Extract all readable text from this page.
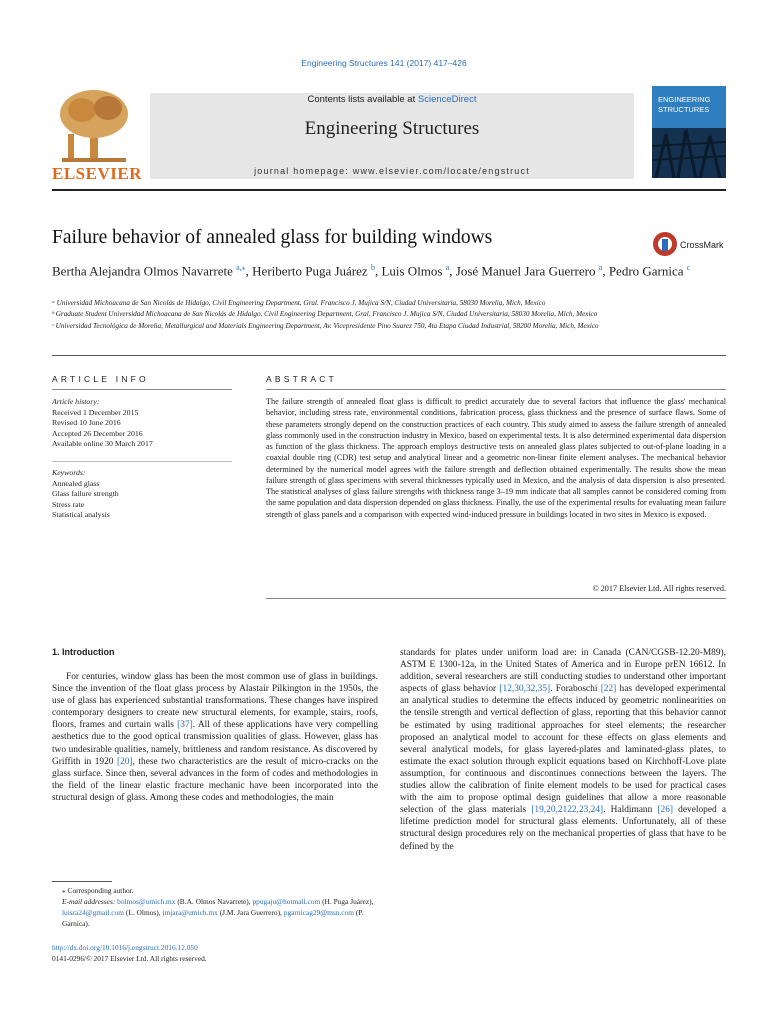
Engineering Structures 141 (2017) 417–426
ELSEVIER
Contents lists available at ScienceDirect
Engineering Structures
journal homepage: www.elsevier.com/locate/engstruct
ENGINEERING
STRUCTURES
Failure behavior of annealed glass for building windows	CrossMark
Bertha Alejandra Olmos Navarrete $^{a,⁎}$, Heriberto Puga Juárez $^b$, Luis Olmos $^a$, José Manuel Jara Guerrero $^a$, Pedro Garnica $^c$
ᵃ Universidad Michoacana de San Nicolás de Hidalgo, Civil Engineering Department, Gral. Francisco J. Mujica S/N, Ciudad Universitaria, 58030 Morelia, Mich, Mexico
ᵇ Graduate Student Universidad Michoacana de San Nicolás de Hidalgo, Civil Engineering Department, Gral. Francisco J. Mujica S/N, Ciudad Universitaria, 58030 Morelia, Mich, Mexico
ᶜ Universidad Tecnológica de Morelia, Metallurgical and Materials Engineering Department, Av. Vicepresidente Pino Suarez 750, 4ta Etapa Ciudad Industrial, 58200 Morelia, Mich, Mexico
ARTICLE INFO
Article history:
Received 1 December 2015
Revised 10 June 2016
Accepted 26 December 2016
Available online 30 March 2017
Keywords:
Annealed glass
Glass failure strength
Stress rate
Statistical analysis
ABSTRACT
The failure strength of annealed float glass is difficult to predict accurately due to several factors that influence the glass' mechanical behavior, including stress rate, environmental conditions, fabrication process, glass thickness and the presence of surface flaws. Some of these parameters strongly depend on the construction practices of each country. This study aimed to assess the failure strength of annealed glass commonly used in the construction industry in Mexico, based on experimental tests. It is also determined experimental data dispersion as function of the glass thickness. The approach employs destructive tests on annealed glass plates subjected to out-of-plane loading in a coaxial double ring (CDR) test setup and analytical linear and a geometric non-linear finite element analyses. The mechanical behavior determined by the numerical model agrees with the failure strength and deflection obtained experimentally. The results show the mean failure strength of glass specimens with several thicknesses typically used in Mexico, and the analysis of data dispersion is also presented. The statistical analyses of glass failure strengths with thickness range 3–19 mm indicate that all samples cannot be considered coming from the same population and data dispersion depended on glass thickness. Finally, the use of the experimental results for evaluating mean failure strength of glass panels and a comparison with expected wind-induced pressure in buildings located in two sites in Mexico is exposed.
© 2017 Elsevier Ltd. All rights reserved.
1. Introduction
For centuries, window glass has been the most common use of glass in buildings. Since the invention of the float glass process by Alastair Pilkington in the 1950s, the use of glass has experienced substantial transformations. These changes have inspired contemporary designers to create new structural elements, for example, stairs, roofs, floors, frames and curtain walls [37]. All of these applications have very compelling aesthetics due to the good optical transmission qualities of glass. However, glass has two undesirable qualities, namely, brittleness and random resistance. As discovered by Griffith in 1920 [20], these two characteristics are the result of micro-cracks on the glass surface. Since then, several advances in the form of codes and methodologies in the field of the linear elastic fracture mechanic have been incorporated into the structural design of glass. Among these codes and methodologies, the main
standards for plates under uniform load are: in Canada (CAN/CGSB-12.20-M89), ASTM E 1300-12a, in the United States of America and in Europe prEN 16612. In addition, several researchers are still conducting studies to understand other important aspects of glass behavior [12,30,32,35]. Foraboschi [22] has developed experimental an analytical studies to determine the effects induced by geometric nonlinearities on the tensile strength and vertical deflection of glass, reporting that this behavior cannot be estimated by using traditional approaches for steel elements; the researcher proposed an analytical model to account for these effects on glass elements and several analytical models, for glass layered-plates and laminated-glass plates, to estimate the exact solution through explicit equations based on Kirchhoff-Love plate assumption, for continuous and discontinues connections between the layers. The studies allow the calibration of finite element models to be used for practical cases with the aim to propose optimal design guidelines that allow a more reasonable selection of the glass materials [19,20,2122,23,24]. Haldimann [26] developed a lifetime prediction model for structural glass elements. Unfortunately, all of these structural design procedures rely on the mechanical properties of glass that have to be defined by the
⁎ Corresponding author.
E-mail addresses: bolmos@umich.mx (B.A. Olmos Navarrete), ppugaju@hotmail.com (H. Puga Juárez), luisra24@gmail.com (L. Olmos), jmjara@umich.mx (J.M. Jara Guerrero), pgarnicag29@msn.com (P. Garnica).
http://dx.doi.org/10.1016/j.engstruct.2016.12.050
0141-0296/© 2017 Elsevier Ltd. All rights reserved.
